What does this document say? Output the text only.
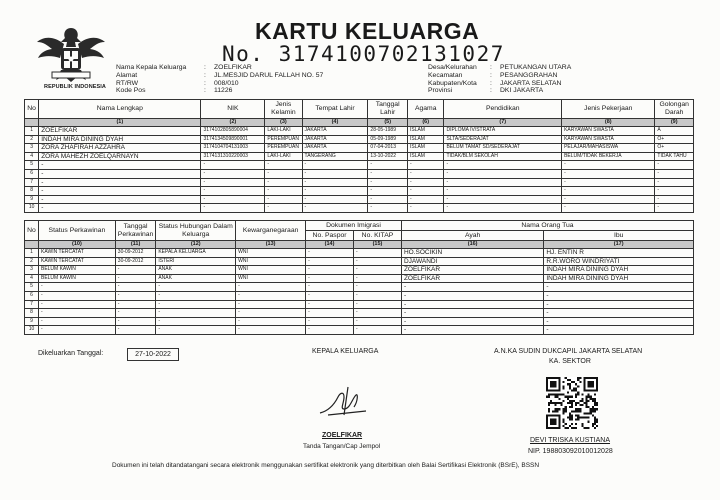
REPUBLIK INDONESIA
KARTU KELUARGA
No. 3174100702131027
Nama Kepala Keluarga	:	ZOELFIKAR
Alamat	:	JL.MESJID DARUL FALLAH NO. 57
RT/RW	:	008/010
Kode Pos	:	11226
Desa/Kelurahan	:	PETUKANGAN UTARA
Kecamatan	:	PESANGGRAHAN
Kabupaten/Kota	:	JAKARTA SELATAN
Provinsi	:	DKI JAKARTA
No	Nama Lengkap	NIK	Jenis Kelamin	Tempat Lahir	Tanggal Lahir	Agama	Pendidikan	Jenis Pekerjaan	Golongan Darah
	(1)	(2)	(3)	(4)	(5)	(6)	(7)	(8)	(9)
1	ZOELFIKAR	3174102805890004	LAKI-LAKI	JAKARTA	28-05-1989	ISLAM	DIPLOMA IV/STRATA	KARYAWAN SWASTA	A
2	INDAH MIRA DINING DYAH	3174134509890001	PEREMPUAN	JAKARTA	05-09-1989	ISLAM	SLTA/SEDERAJAT	KARYAWAN SWASTA	O+
3	ZORA ZHAFIRAH AZZAHRA	3174104704131003	PEREMPUAN	JAKARTA	07-04-2013	ISLAM	BELUM TAMAT SD/SEDERAJAT	PELAJAR/MAHASISWA	O+
4	ZORA MAHEZH ZOELQARNAYN	3174131310220003	LAKI-LAKI	TANGERANG	13-10-2022	ISLAM	TIDAK/BLM SEKOLAH	BELUM/TIDAK BEKERJA	TIDAK TAHU
5	-	-	-	-	-	-	-	-	-
6	-	-	-	-	-	-	-	-	-
7	-	-	-	-	-	-	-	-	-
8	-	-	-	-	-	-	-	-	-
9	-	-	-	-	-	-	-	-	-
10	-	-	-	-	-	-	-	-	-
No	Status Perkawinan	Tanggal Perkawinan	Status Hubungan Dalam Keluarga	Kewarganegaraan	Dokumen Imigrasi		Nama Orang Tua	
					No. Paspor	No. KITAP	Ayah	Ibu
	(10)	(11)	(12)	(13)	(14)	(15)	(16)	(17)
1	KAWIN TERCATAT	30-09-2012	KEPALA KELUARGA	WNI	-	-	HO.SOCIKIN	HJ. ENTIN R
2	KAWIN TERCATAT	30-09-2012	ISTERI	WNI	-	-	DJAWANDI	R.R.WORO WINDRIYATI
3	BELUM KAWIN	-	ANAK	WNI	-	-	ZOELFIKAR	INDAH MIRA DINING DYAH
4	BELUM KAWIN	-	ANAK	WNI	-	-	ZOELFIKAR	INDAH MIRA DINING DYAH
5	-	-	-	-	-	-	-	-
6	-	-	-	-	-	-	-	-
7	-	-	-	-	-	-	-	-
8	-	-	-	-	-	-	-	-
9	-	-	-	-	-	-	-	-
10	-	-	-	-	-	-	-	-
Dikeluarkan Tanggal:	27-10-2022	KEPALA KELUARGA
ZOELFIKAR
Tanda Tangan/Cap Jempol
A.N.KA SUDIN DUKCAPIL JAKARTA SELATAN
KA. SEKTOR
DEVI TRISKA KUSTIANA
NIP. 198803092010012028
Dokumen ini telah ditandatangani secara elektronik menggunakan sertifikat elektronik yang diterbitkan oleh Balai Sertifikasi Elektronik (BSrE), BSSN
